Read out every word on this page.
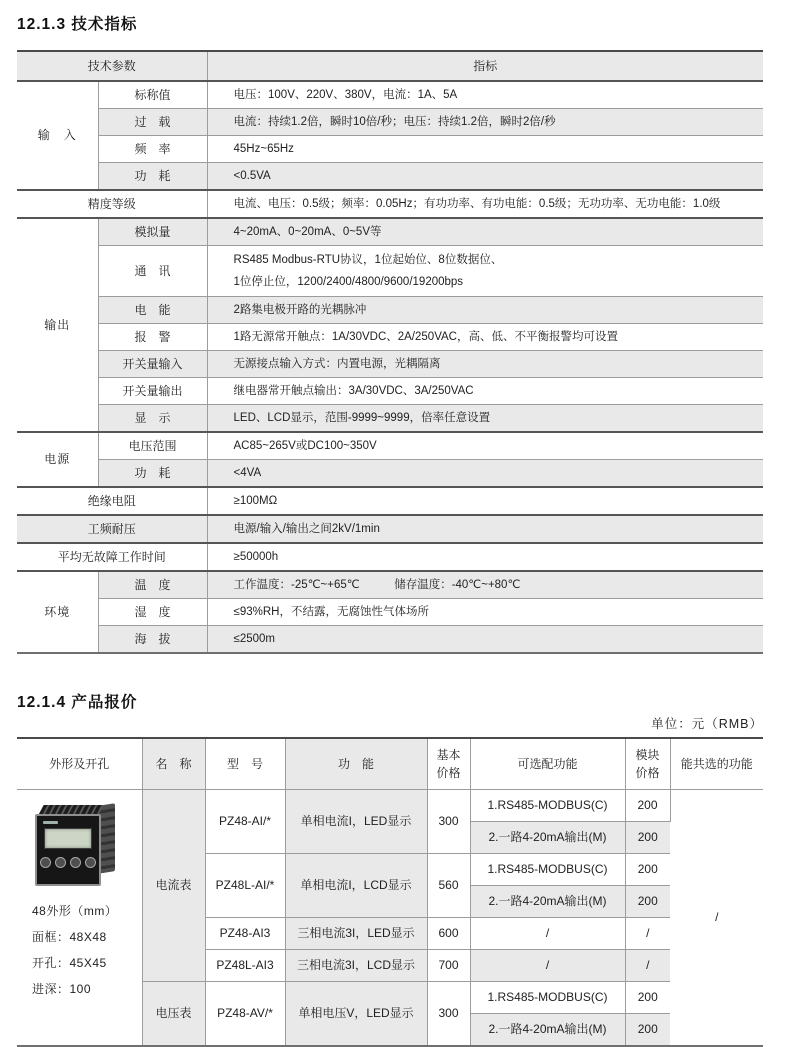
12.1.3 技术指标
技术参数		指标
输　入	标称值	电压：100V、220V、380V，电流：1A、5A
	过　载	电流：持续1.2倍，瞬时10倍/秒；电压：持续1.2倍，瞬时2倍/秒
	频　率	45Hz~65Hz
	功　耗	<0.5VA
精度等级		电流、电压：0.5级；频率：0.05Hz；有功功率、有功电能：0.5级；无功功率、无功电能：1.0级
输出	模拟量	4~20mA、0~20mA、0~5V等
	通　讯	RS485 Modbus-RTU协议，1位起始位、8位数据位、
1位停止位，1200/2400/4800/9600/19200bps

	电　能	2路集电极开路的光耦脉冲
	报　警	1路无源常开触点：1A/30VDC、2A/250VAC，高、低、不平衡报警均可设置
	开关量输入	无源接点输入方式：内置电源，光耦隔离
	开关量输出	继电器常开触点输出：3A/30VDC、3A/250VAC
	显　示	LED、LCD显示，范围-9999~9999，倍率任意设置
电源	电压范围	AC85~265V或DC100~350V
	功　耗	<4VA
绝缘电阻		≥100MΩ
工频耐压		电源/输入/输出之间2kV/1min
平均无故障工作时间		≥50000h
环境	温　度	工作温度：-25℃~+65℃　　　储存温度：-40℃~+80℃
	湿　度	≤93%RH，不结露，无腐蚀性气体场所
	海　拔	≤2500m
12.1.4 产品报价
单位：元（RMB）
外形及开孔	名　称	型　号	功　能	
基本
价格
	可选配功能	
模块
价格
	能共选的功能

48外形（mm）
面框：48X48
开孔：45X45
进深：100	电流表	PZ48-AI/*	单相电流I，LED显示	300	1.RS485-MODBUS(C)	200	/
					2.一路4-20mA输出(M)	200	
		PZ48L-AI/*	单相电流I，LCD显示	560	1.RS485-MODBUS(C)	200	
					2.一路4-20mA输出(M)	200	
		PZ48-AI3	三相电流3I，LED显示	600	/	/	
		PZ48L-AI3	三相电流3I，LCD显示	700	/	/	
	电压表	PZ48-AV/*	单相电压V，LED显示	300	1.RS485-MODBUS(C)	200	
					2.一路4-20mA输出(M)	200	
